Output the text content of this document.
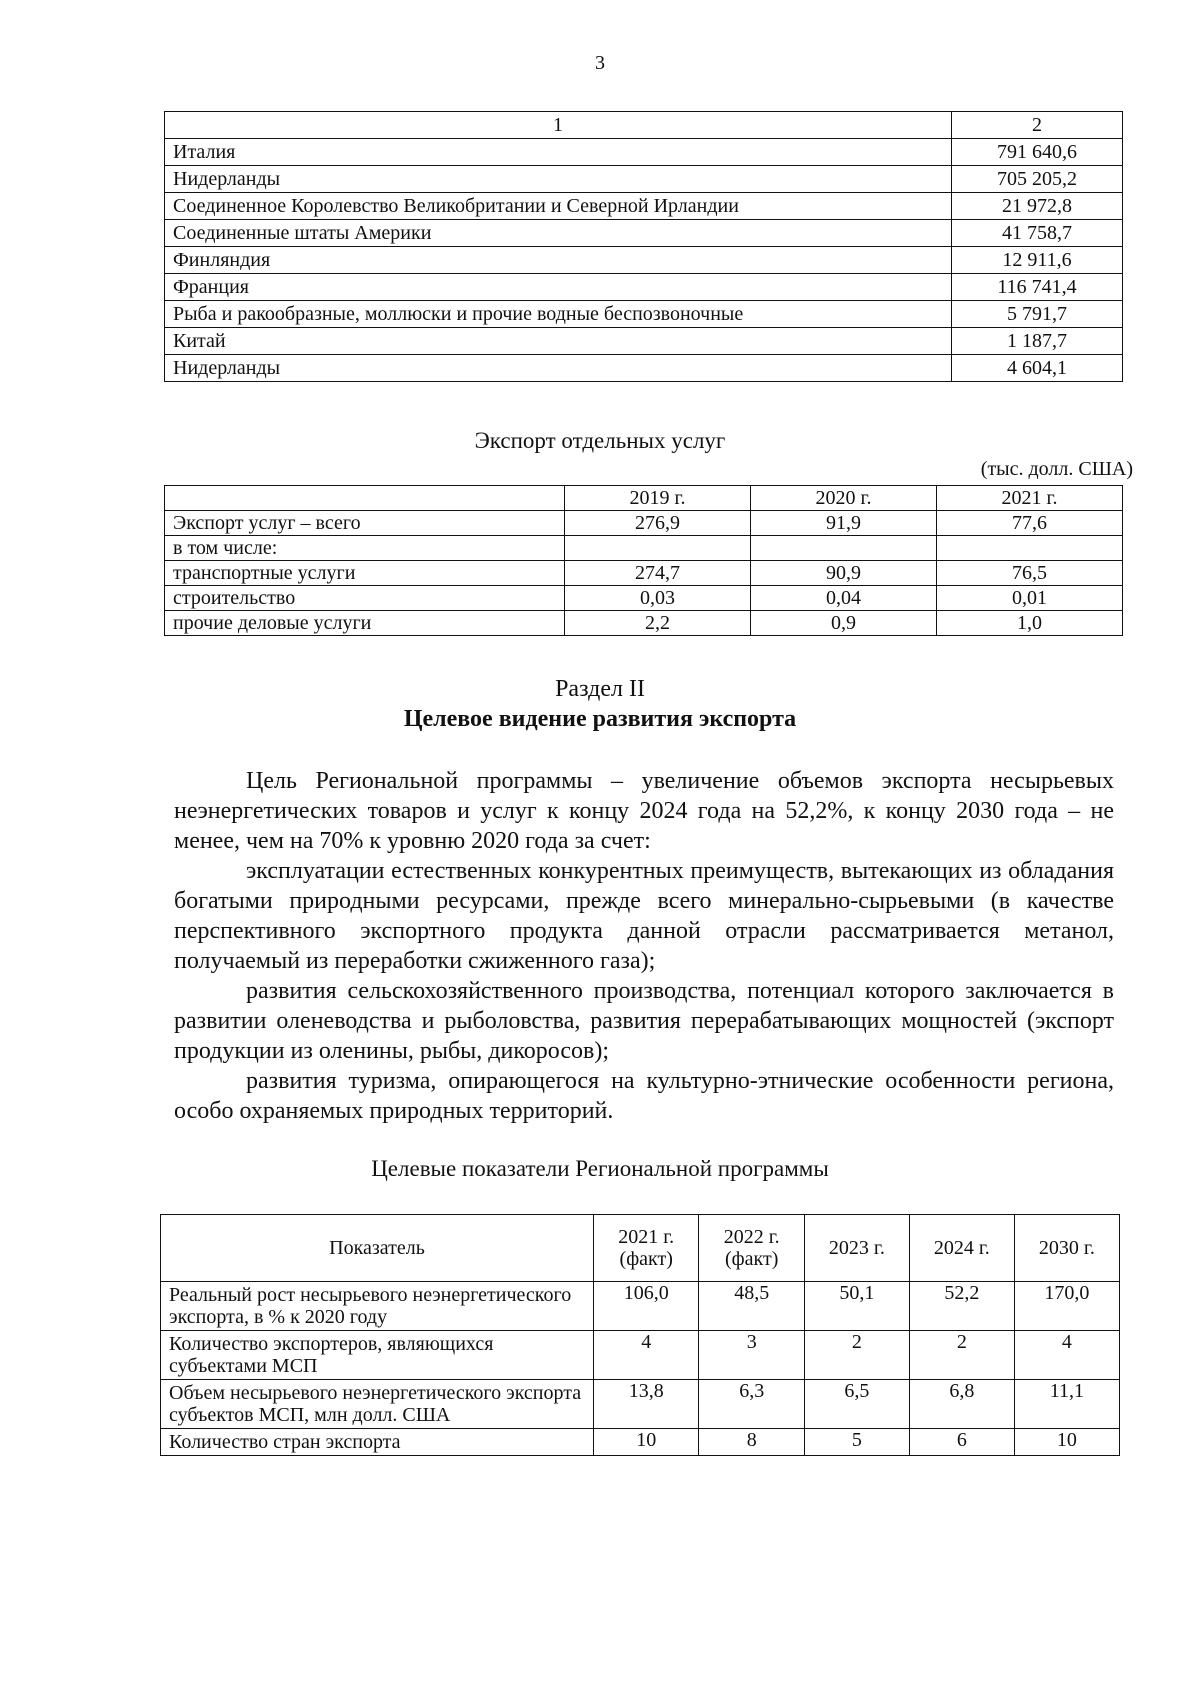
3
1	2
Италия	791 640,6
Нидерланды	705 205,2
Соединенное Королевство Великобритании и Северной Ирландии	21 972,8
Соединенные штаты Америки	41 758,7
Финляндия	12 911,6
Франция	116 741,4
Рыба и ракообразные, моллюски и прочие водные беспозвоночные	5 791,7
Китай	1 187,7
Нидерланды	4 604,1
Экспорт отдельных услуг
(тыс. долл. США)
	2019 г.	2020 г.	2021 г.
Экспорт услуг – всего	276,9	91,9	77,6
в том числе:			
транспортные услуги	274,7	90,9	76,5
строительство	0,03	0,04	0,01
прочие деловые услуги	2,2	0,9	1,0
Раздел II
Целевое видение развития экспорта

Цель Региональной программы – увеличение объемов экспорта несырьевых неэнергетических товаров и услуг к концу 2024 года на 52,2%, к концу 2030 года – не менее, чем на 70% к уровню 2020 года за счет:

эксплуатации естественных конкурентных преимуществ, вытекающих из обладания богатыми природными ресурсами, прежде всего минерально-сырьевыми (в качестве перспективного экспортного продукта данной отрасли рассматривается метанол, получаемый из переработки сжиженного газа);

развития сельскохозяйственного производства, потенциал которого заключается в развитии оленеводства и рыболовства, развития перерабатывающих мощностей (экспорт продукции из оленины, рыбы, дикоросов);

развития туризма, опирающегося на культурно-этнические особенности региона, особо охраняемых природных территорий.

Целевые показатели Региональной программы
Показатель	2021 г. (факт)	2022 г. (факт)	2023 г.	2024 г.	2030 г.
Реальный рост несырьевого неэнергетического экспорта, в % к 2020 году	106,0	48,5	50,1	52,2	170,0
Количество экспортеров, являющихся субъектами МСП	4	3	2	2	4
Объем несырьевого неэнергетического экспорта субъектов МСП, млн долл. США	13,8	6,3	6,5	6,8	11,1
Количество стран экспорта	10	8	5	6	10
